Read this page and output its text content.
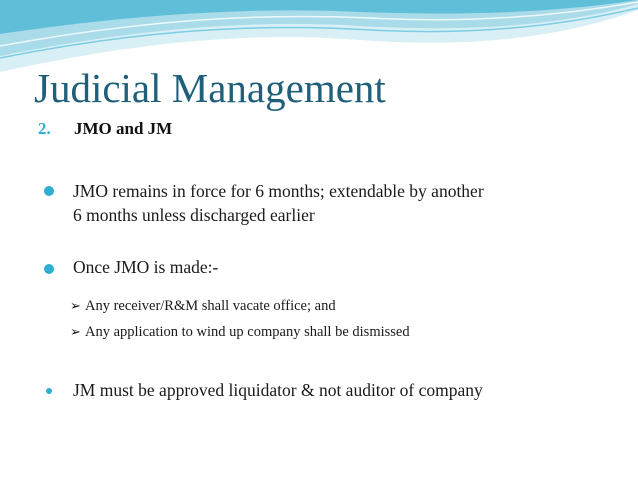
Judicial Management
2. JMO and JM
JMO remains in force for 6 months; extendable by another
6 months unless discharged earlier
Once JMO is made:-
➢ Any receiver/R&M shall vacate office; and
➢ Any application to wind up company shall be dismissed
JM must be approved liquidator & not auditor of company
